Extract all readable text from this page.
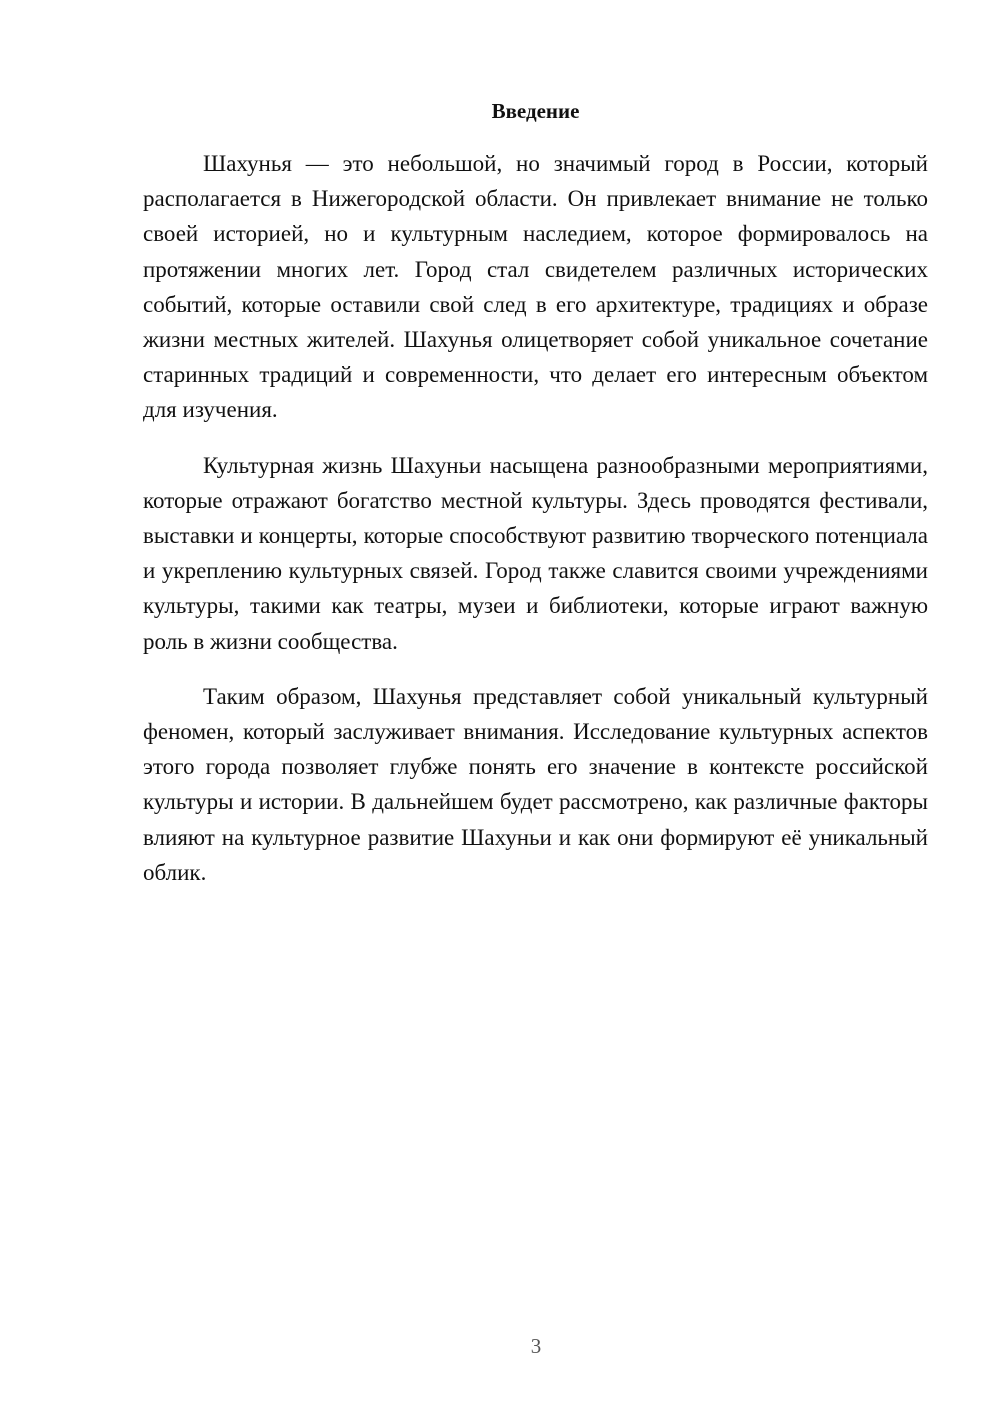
Введение

Шахунья — это небольшой, но значимый город в России, который располагается в Нижегородской области. Он привлекает внимание не только своей историей, но и культурным наследием, которое формировалось на протяжении многих лет. Город стал свидетелем различных исторических событий, которые оставили свой след в его архитектуре, традициях и образе жизни местных жителей. Шахунья олицетворяет собой уникальное сочетание старинных традиций и современности, что делает его интересным объектом для изучения.

Культурная жизнь Шахуньи насыщена разнообразными мероприятиями, которые отражают богатство местной культуры. Здесь проводятся фестивали, выставки и концерты, которые способствуют развитию творческого потенциала и укреплению культурных связей. Город также славится своими учреждениями культуры, такими как театры, музеи и библиотеки, которые играют важную роль в жизни сообщества.

Таким образом, Шахунья представляет собой уникальный культурный феномен, который заслуживает внимания. Исследование культурных аспектов этого города позволяет глубже понять его значение в контексте российской культуры и истории. В дальнейшем будет рассмотрено, как различные факторы влияют на культурное развитие Шахуньи и как они формируют её уникальный облик.

3
